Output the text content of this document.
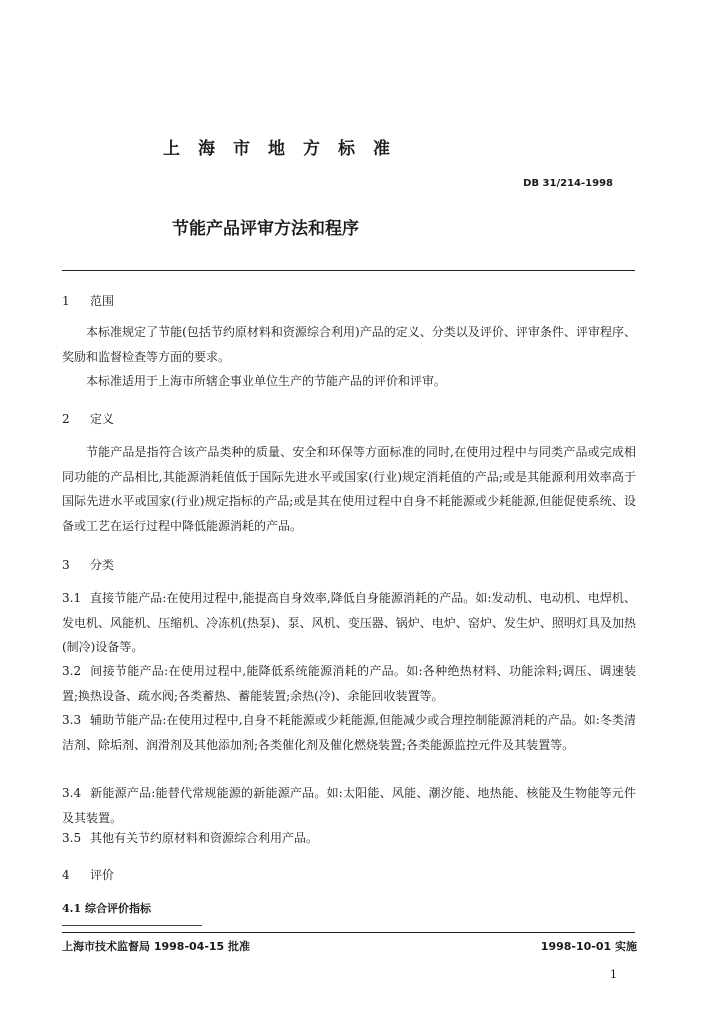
上海市地方标准
DB 31/214-1998
节能产品评审方法和程序
1 范围
本标准规定了节能(包括节约原材料和资源综合利用)产品的定义、分类以及评价、评审条件、评审程序、奖励和监督检查等方面的要求。
本标准适用于上海市所辖企事业单位生产的节能产品的评价和评审。
2 定义
节能产品是指符合该产品类种的质量、安全和环保等方面标准的同时,在使用过程中与同类产品或完成相同功能的产品相比,其能源消耗值低于国际先进水平或国家(行业)规定消耗值的产品;或是其能源利用效率高于国际先进水平或国家(行业)规定指标的产品;或是其在使用过程中自身不耗能源或少耗能源,但能促使系统、设备或工艺在运行过程中降低能源消耗的产品。
3 分类
3.1 直接节能产品:在使用过程中,能提高自身效率,降低自身能源消耗的产品。如:发动机、电动机、电焊机、发电机、风能机、压缩机、冷冻机(热泵)、泵、风机、变压器、锅炉、电炉、窑炉、发生炉、照明灯具及加热(制冷)设备等。
3.2 间接节能产品:在使用过程中,能降低系统能源消耗的产品。如:各种绝热材料、功能涂料;调压、调速装置;换热设备、疏水阀;各类蓄热、蓄能装置;余热(冷)、余能回收装置等。
3.3 辅助节能产品:在使用过程中,自身不耗能源或少耗能源,但能减少或合理控制能源消耗的产品。如:冬类清洁剂、除垢剂、润滑剂及其他添加剂;各类催化剂及催化燃烧装置;各类能源监控元件及其装置等。
3.4 新能源产品:能替代常规能源的新能源产品。如:太阳能、风能、潮汐能、地热能、核能及生物能等元件及其装置。
3.5 其他有关节约原材料和资源综合利用产品。
4 评价
4.1 综合评价指标
上海市技术监督局 1998-04-15 批准	1998-10-01 实施
1
